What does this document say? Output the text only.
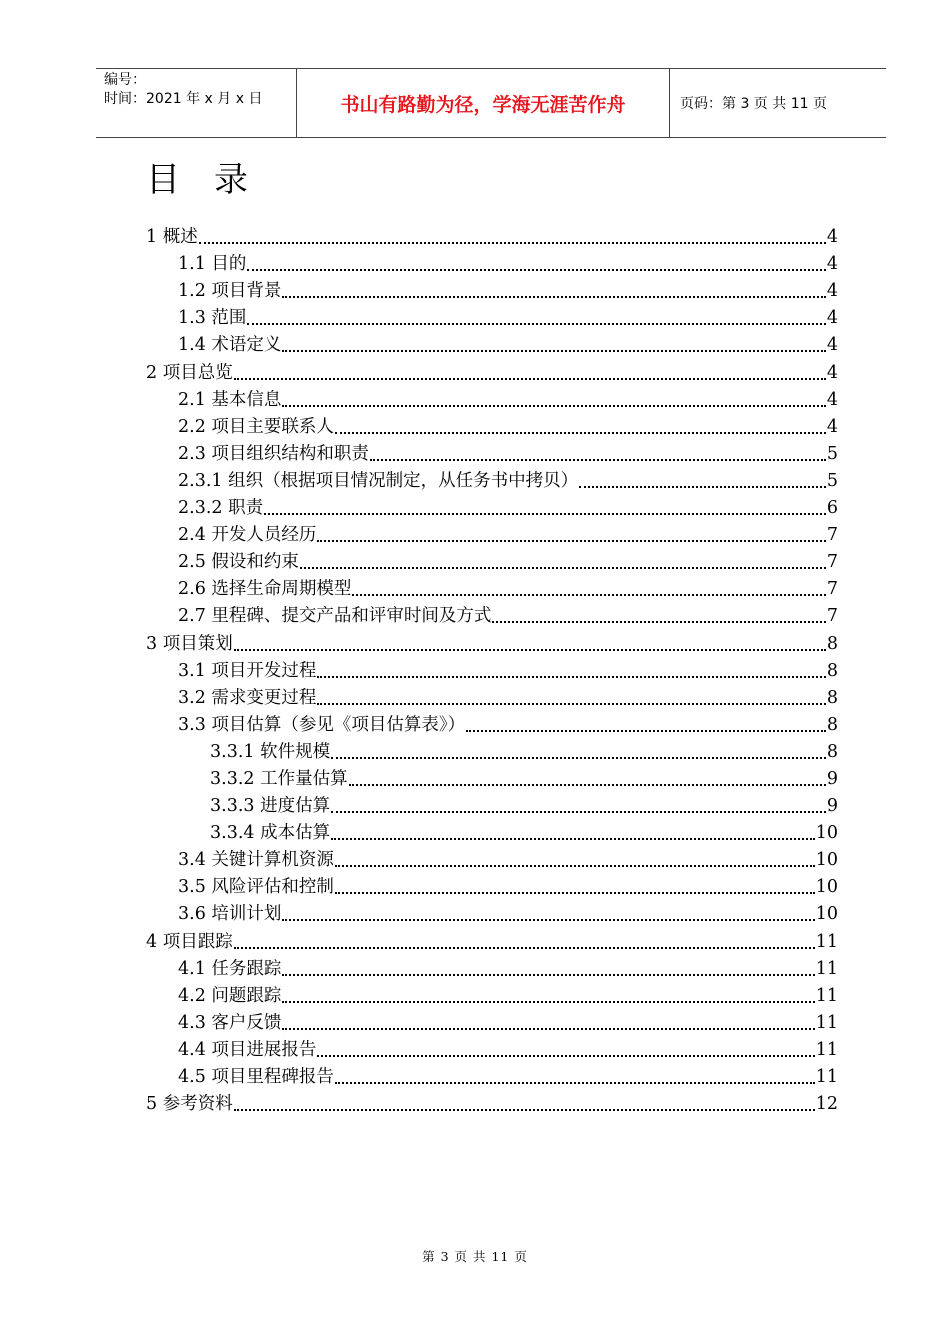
编号：
时间：2021 年 x 月 x 日	书山有路勤为径，学海无涯苦作舟	页码：第 3 页 共 11 页
目录
1 概述	4
1.1 目的	4
1.2 项目背景	4
1.3 范围	4
1.4 术语定义	4
2 项目总览	4
2.1 基本信息	4
2.2 项目主要联系人	4
2.3 项目组织结构和职责	5
2.3.1 组织（根据项目情况制定，从任务书中拷贝）	5
2.3.2 职责	6
2.4 开发人员经历	7
2.5 假设和约束	7
2.6 选择生命周期模型	7
2.7 里程碑、提交产品和评审时间及方式	7
3 项目策划	8
3.1 项目开发过程	8
3.2 需求变更过程	8
3.3 项目估算（参见《项目估算表》）	8
3.3.1 软件规模	8
3.3.2 工作量估算	9
3.3.3 进度估算	9
3.3.4 成本估算	10
3.4 关键计算机资源	10
3.5 风险评估和控制	10
3.6 培训计划	10
4 项目跟踪	11
4.1 任务跟踪	11
4.2 问题跟踪	11
4.3 客户反馈	11
4.4 项目进展报告	11
4.5 项目里程碑报告	11
5 参考资料	12
第 3 页 共 11 页
